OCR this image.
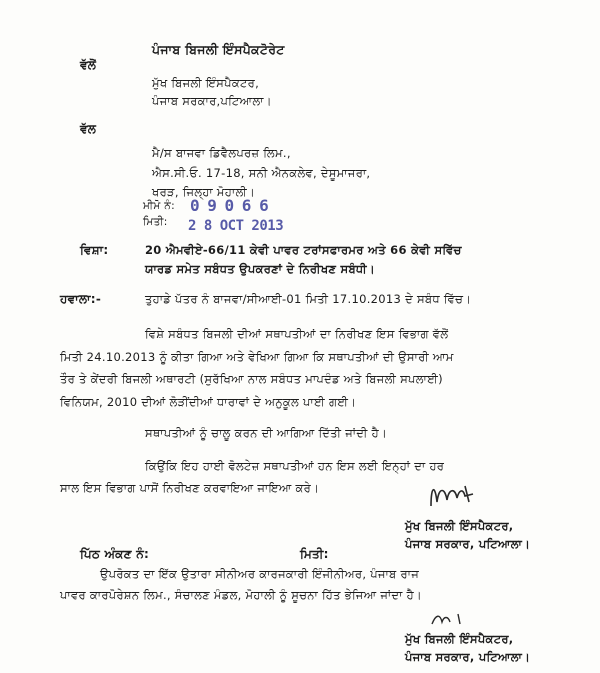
ਪੰਜਾਬ ਬਿਜਲੀ ਇੰਸਪੈਕਟੋਰੇਟ
ਵੱਲੋਂ
ਮੁੱਖ ਬਿਜਲੀ ਇੰਸਪੈਕਟਰ,
ਪੰਜਾਬ ਸਰਕਾਰ,ਪਟਿਆਲਾ।
ਵੱਲ
ਮੈ/ਸ ਬਾਜਵਾ ਡਿਵੈਲਪਰਜ਼ ਲਿਮ.,
ਐਸ.ਸੀ.ਓ. 17-18, ਸਨੀ ਐਨਕਲੇਵ, ਦੇਸੂਮਾਜਰਾ,
ਖਰੜ, ਜਿਲ੍ਹਾ ਮੋਹਾਲੀ।
ਮੀਮੋ ਨੰ: 0 9 0 6 6
ਮਿਤੀ: 2 8 OCT 2013
ਵਿਸ਼ਾ:	20 ਐਮਵੀਏ-66/11 ਕੇਵੀ ਪਾਵਰ ਟਰਾਂਸਫਾਰਮਰ ਅਤੇ 66 ਕੇਵੀ ਸਵਿੱਚ
ਯਾਰਡ ਸਮੇਤ ਸਬੰਧਤ ਉਪਕਰਣਾਂ ਦੇ ਨਿਰੀਖਣ ਸਬੰਧੀ।
ਹਵਾਲਾ:-	ਤੁਹਾਡੇ ਪੱਤਰ ਨੰ ਬਾਜਵਾ/ਸੀਆਈ-01 ਮਿਤੀ 17.10.2013 ਦੇ ਸਬੰਧ ਵਿੱਚ।
ਵਿਸ਼ੇ ਸਬੰਧਤ ਬਿਜਲੀ ਦੀਆਂ ਸਥਾਪਤੀਆਂ ਦਾ ਨਿਰੀਖਣ ਇਸ ਵਿਭਾਗ ਵੱਲੋਂ
ਮਿਤੀ 24.10.2013 ਨੂੰ ਕੀਤਾ ਗਿਆ ਅਤੇ ਵੇਖਿਆ ਗਿਆ ਕਿ ਸਥਾਪਤੀਆਂ ਦੀ ਉਸਾਰੀ ਆਮ
ਤੌਰ ਤੇ ਕੇਂਦਰੀ ਬਿਜਲੀ ਅਥਾਰਟੀ (ਸੁਰੱਖਿਆ ਨਾਲ ਸਬੰਧਤ ਮਾਪਦੰਡ ਅਤੇ ਬਿਜਲੀ ਸਪਲਾਈ)
ਵਿਨਿਯਮ, 2010 ਦੀਆਂ ਲੋੜੀਂਦੀਆਂ ਧਾਰਾਵਾਂ ਦੇ ਅਨੁਕੂਲ ਪਾਈ ਗਈ।
ਸਥਾਪਤੀਆਂ ਨੂੰ ਚਾਲੂ ਕਰਨ ਦੀ ਆਗਿਆ ਦਿੱਤੀ ਜਾਂਦੀ ਹੈ।
ਕਿਉਂਕਿ ਇਹ ਹਾਈ ਵੋਲਟੇਜ਼ ਸਥਾਪਤੀਆਂ ਹਨ ਇਸ ਲਈ ਇਨ੍ਹਾਂ ਦਾ ਹਰ
ਸਾਲ ਇਸ ਵਿਭਾਗ ਪਾਸੋਂ ਨਿਰੀਖਣ ਕਰਵਾਇਆ ਜਾਇਆ ਕਰੇ।
ਮੁੱਖ ਬਿਜਲੀ ਇੰਸਪੈਕਟਰ,
ਪੰਜਾਬ ਸਰਕਾਰ, ਪਟਿਆਲਾ।
ਪਿੱਠ ਅੰਕਣ ਨੰ:	ਮਿਤੀ:
ਉਪਰੋਕਤ ਦਾ ਇੱਕ ਉਤਾਰਾ ਸੀਨੀਅਰ ਕਾਰਜਕਾਰੀ ਇੰਜੀਨੀਅਰ, ਪੰਜਾਬ ਰਾਜ
ਪਾਵਰ ਕਾਰਪੋਰੇਸ਼ਨ ਲਿਮ., ਸੰਚਾਲਣ ਮੰਡਲ, ਮੋਹਾਲੀ ਨੂੰ ਸੂਚਨਾ ਹਿੱਤ ਭੇਜਿਆ ਜਾਂਦਾ ਹੈ।
ਮੁੱਖ ਬਿਜਲੀ ਇੰਸਪੈਕਟਰ,
ਪੰਜਾਬ ਸਰਕਾਰ, ਪਟਿਆਲਾ।
